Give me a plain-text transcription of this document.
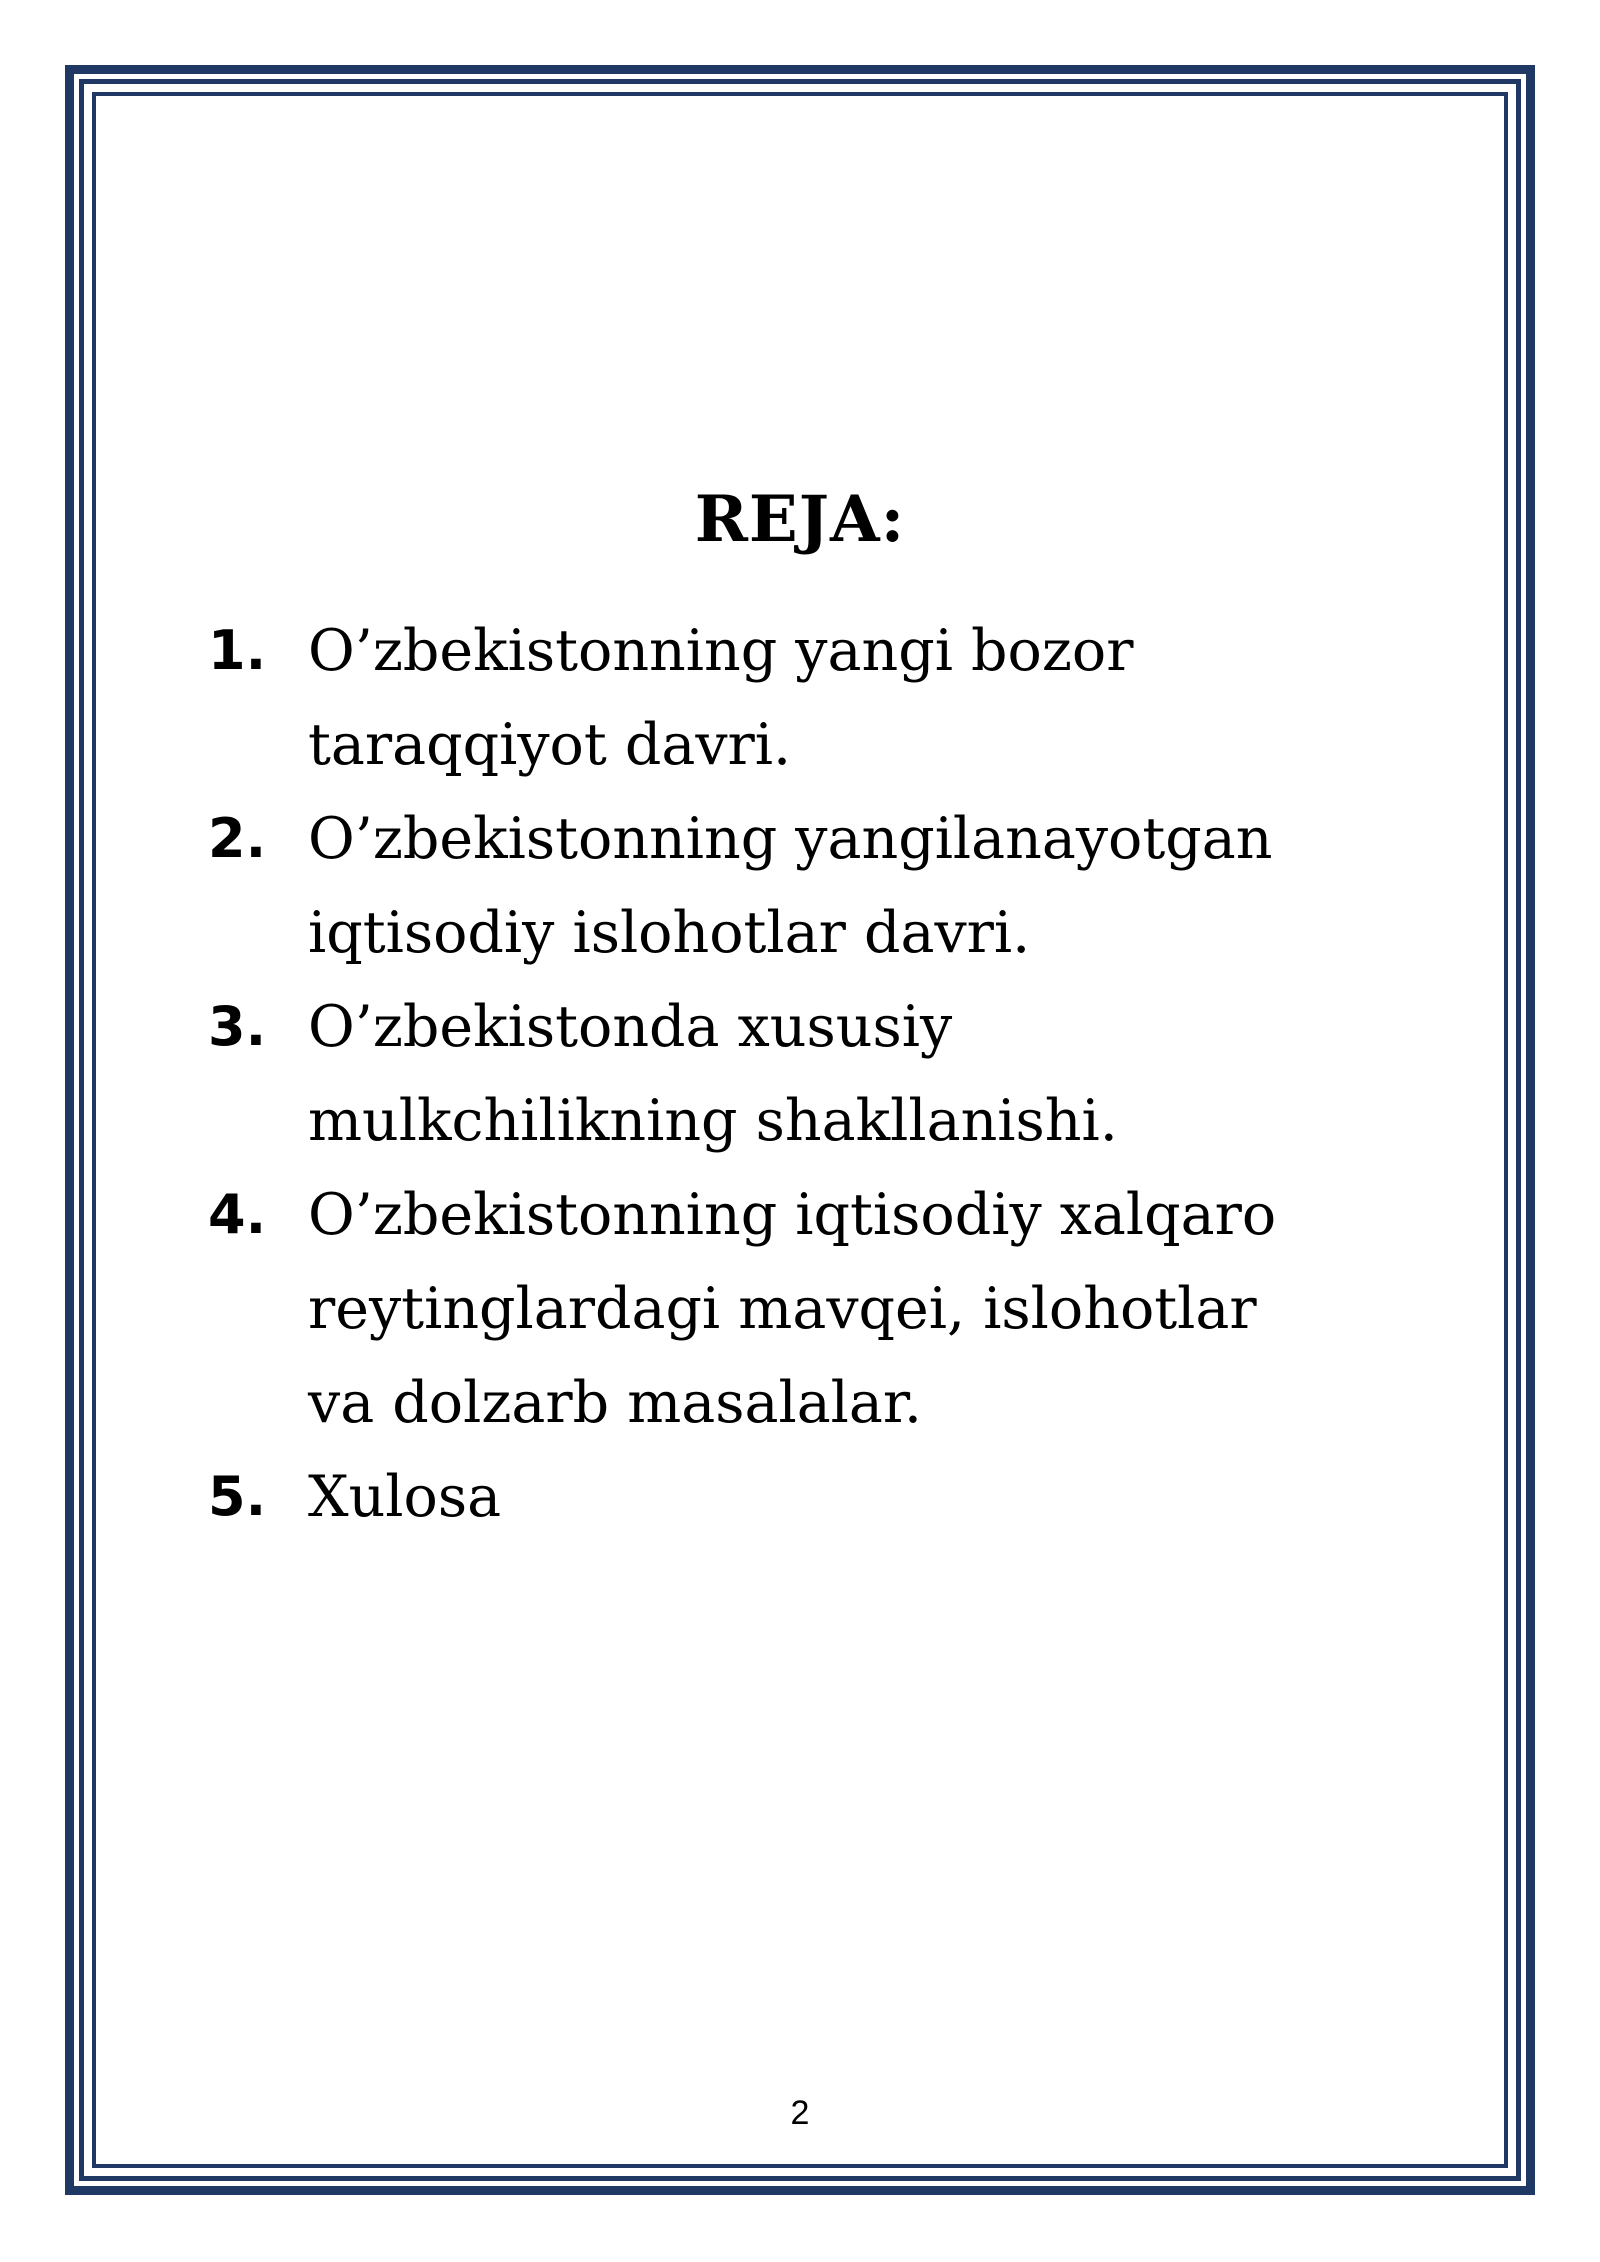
REJA:
1. O’zbekistonning yangi bozor
taraqqiyot davri.
2. O’zbekistonning yangilanayotgan
iqtisodiy islohotlar davri.
3. O’zbekistonda xususiy
mulkchilikning shakllanishi.
4. O’zbekistonning iqtisodiy xalqaro
reytinglardagi mavqei, islohotlar
va dolzarb masalalar.
5. Xulosa
2
